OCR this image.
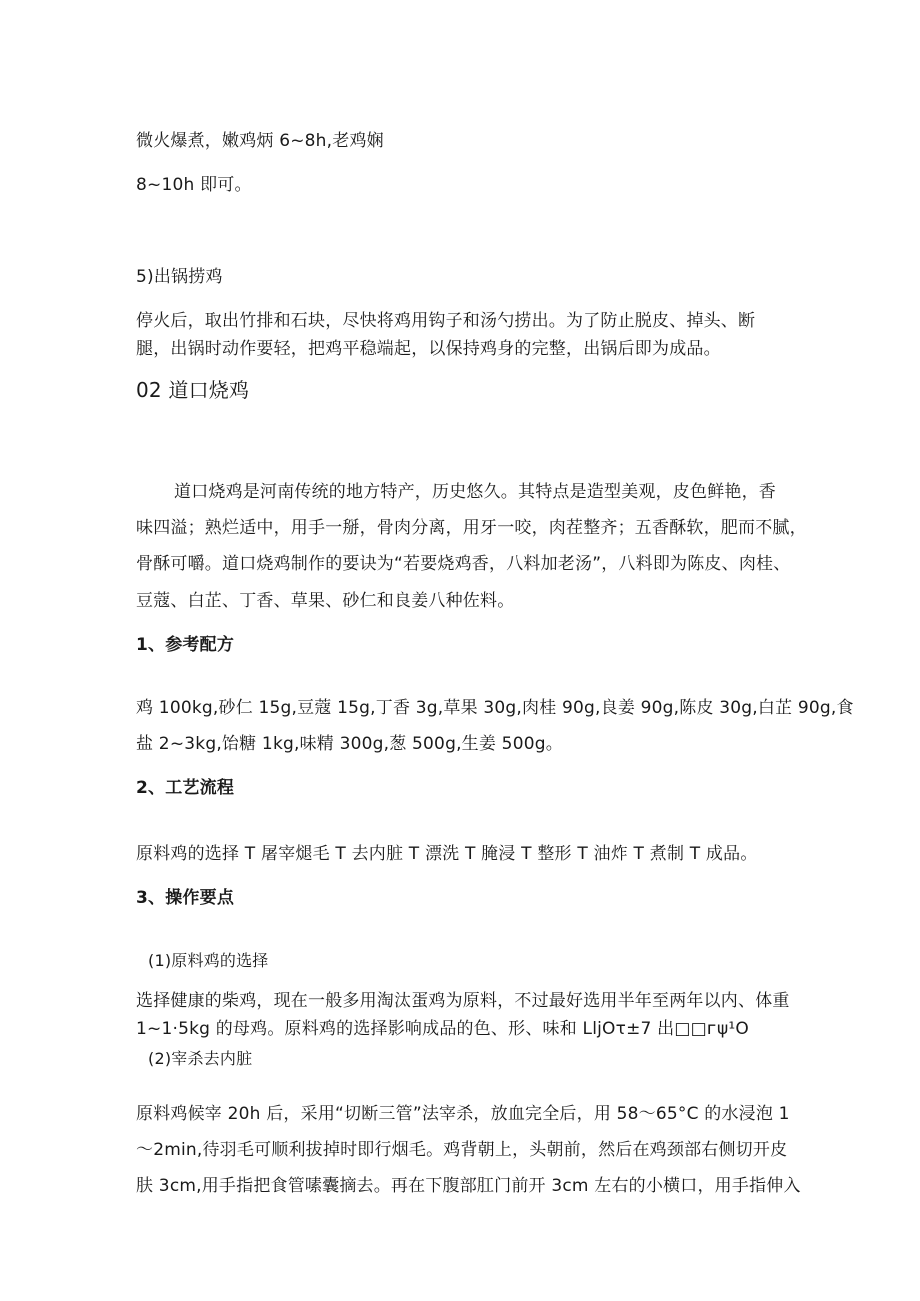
微火爆煮，嫩鸡炳 6~8h,老鸡娴
8~10h 即可。
5)出锅捞鸡
停火后，取出竹排和石块，尽快将鸡用钩子和汤勺捞出。为了防止脱皮、掉头、断
腿，出锅时动作要轻，把鸡平稳端起，以保持鸡身的完整，出锅后即为成品。
02 道口烧鸡
道口烧鸡是河南传统的地方特产，历史悠久。其特点是造型美观，皮色鲜艳，香
味四溢；熟烂适中，用手一掰，骨肉分离，用牙一咬，肉茬整齐；五香酥软，肥而不腻，
骨酥可嚼。道口烧鸡制作的要诀为“若要烧鸡香，八料加老汤”，八料即为陈皮、肉桂、
豆蔻、白芷、丁香、草果、砂仁和良姜八种佐料。
1、参考配方
鸡 100kg,砂仁 15g,豆蔻 15g,丁香 3g,草果 30g,肉桂 90g,良姜 90g,陈皮 30g,白芷 90g,食
盐 2~3kg,饴糖 1kg,味精 300g,葱 500g,生姜 500g。
2、工艺流程
原料鸡的选择 T 屠宰煺毛 T 去内脏 T 漂洗 T 腌浸 T 整形 T 油炸 T 煮制 T 成品。
3、操作要点
(1)原料鸡的选择
选择健康的柴鸡，现在一般多用淘汰蛋鸡为原料，不过最好选用半年至两年以内、体重
1~1·5kg 的母鸡。原料鸡的选择影响成品的色、形、味和 LljOτ±7 出□□ᴦψ¹O
(2)宰杀去内脏
原料鸡候宰 20h 后，采用“切断三管”法宰杀，放血完全后，用 58〜65°C 的水浸泡 1
〜2min,待羽毛可顺利拔掉时即行烟毛。鸡背朝上，头朝前，然后在鸡颈部右侧切开皮
肤 3cm,用手指把食管嗉囊摘去。再在下腹部肛门前开 3cm 左右的小横口，用手指伸入
